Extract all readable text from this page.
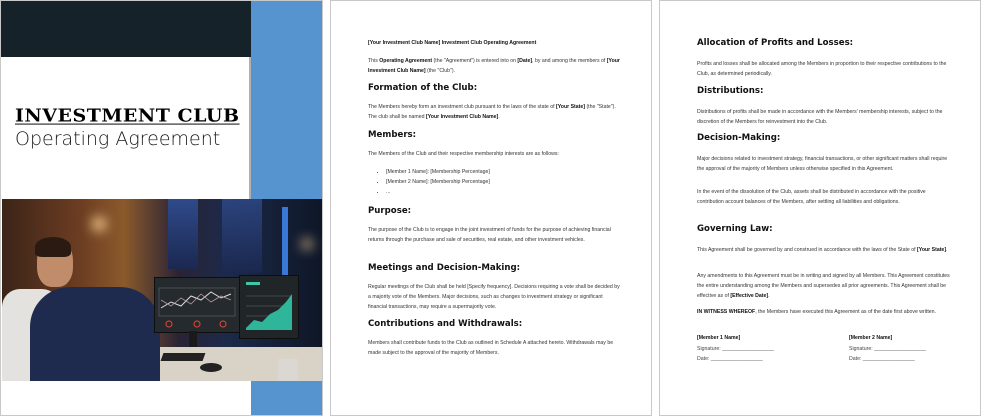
INVESTMENT CLUB
Operating Agreement

[Your Investment Club Name] Investment Club Operating Agreement

This Operating Agreement (the "Agreement") is entered into on [Date], by and among the members of [Your Investment Club Name] (the "Club").

Formation of the Club:

The Members hereby form an investment club pursuant to the laws of the state of [Your State] (the "State"). The club shall be named [Your Investment Club Name].

Members:

The Members of the Club and their respective membership interests are as follows:

• [Member 1 Name]: [Membership Percentage]
• [Member 2 Name]: [Membership Percentage]
• ...
Purpose:

The purpose of the Club is to engage in the joint investment of funds for the purpose of achieving financial returns through the purchase and sale of securities, real estate, and other investment vehicles.

Meetings and Decision-Making:

Regular meetings of the Club shall be held [Specify frequency]. Decisions requiring a vote shall be decided by a majority vote of the Members. Major decisions, such as changes to investment strategy or significant financial transactions, may require a supermajority vote.

Contributions and Withdrawals:

Members shall contribute funds to the Club as outlined in Schedule A attached hereto. Withdrawals may be made subject to the approval of the majority of Members.

Allocation of Profits and Losses:

Profits and losses shall be allocated among the Members in proportion to their respective contributions to the Club, as determined periodically.

Distributions:

Distributions of profits shall be made in accordance with the Members' membership interests, subject to the discretion of the Members for reinvestment into the Club.

Decision-Making:

Major decisions related to investment strategy, financial transactions, or other significant matters shall require the approval of the majority of Members unless otherwise specified in this Agreement.

In the event of the dissolution of the Club, assets shall be distributed in accordance with the positive contribution account balances of the Members, after settling all liabilities and obligations.

Governing Law:

This Agreement shall be governed by and construed in accordance with the laws of the State of [Your State].

Any amendments to this Agreement must be in writing and signed by all Members. This Agreement constitutes the entire understanding among the Members and supersedes all prior agreements. This Agreement shall be effective as of [Effective Date].

IN WITNESS WHEREOF, the Members have executed this Agreement as of the date first above written.

[Member 1 Name]
Signature: __________________
Date: __________________
[Member 2 Name]
Signature: __________________
Date: __________________
